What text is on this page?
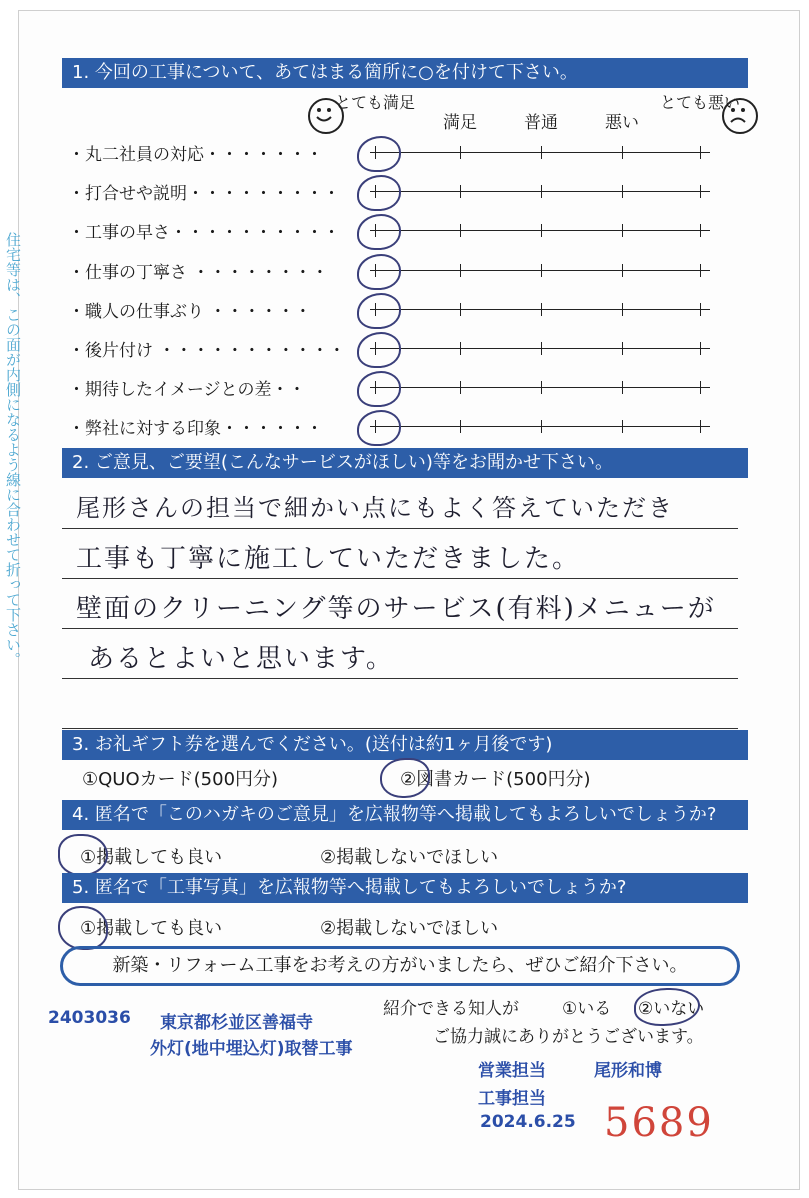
住宅等は、この面が内側になるよう線に合わせて折って下さい。
1. 今回の工事について、あてはまる箇所に○を付けて下さい。
とても満足
満足	普通	悪い
とても悪い
・丸二社員の対応・・・・・・・
・打合せや説明・・・・・・・・・
・工事の早さ・・・・・・・・・・
・仕事の丁寧さ ・・・・・・・・
・職人の仕事ぶり ・・・・・・
・後片付け ・・・・・・・・・・・
・期待したイメージとの差・・
・弊社に対する印象・・・・・・
2. ご意見、ご要望(こんなサービスがほしい)等をお聞かせ下さい。
尾形さんの担当で細かい点にもよく答えていただき
工事も丁寧に施工していただきました。
壁面のクリーニング等のサービス(有料)メニューが
あるとよいと思います。
3. お礼ギフト券を選んでください。(送付は約1ヶ月後です)
①QUOカード(500円分)	②図書カード(500円分)
4. 匿名で「このハガキのご意見」を広報物等へ掲載してもよろしいでしょうか?
①掲載しても良い	②掲載しないでほしい
5. 匿名で「工事写真」を広報物等へ掲載してもよろしいでしょうか?
①掲載しても良い	②掲載しないでほしい
新築・リフォーム工事をお考えの方がいましたら、ぜひご紹介下さい。
紹介できる知人が	①いる ②いない
ご協力誠にありがとうございます。
2403036 東京都杉並区善福寺
外灯(地中埋込灯)取替工事
営業担当	尾形和博
工事担当
2024.6.25 5689
